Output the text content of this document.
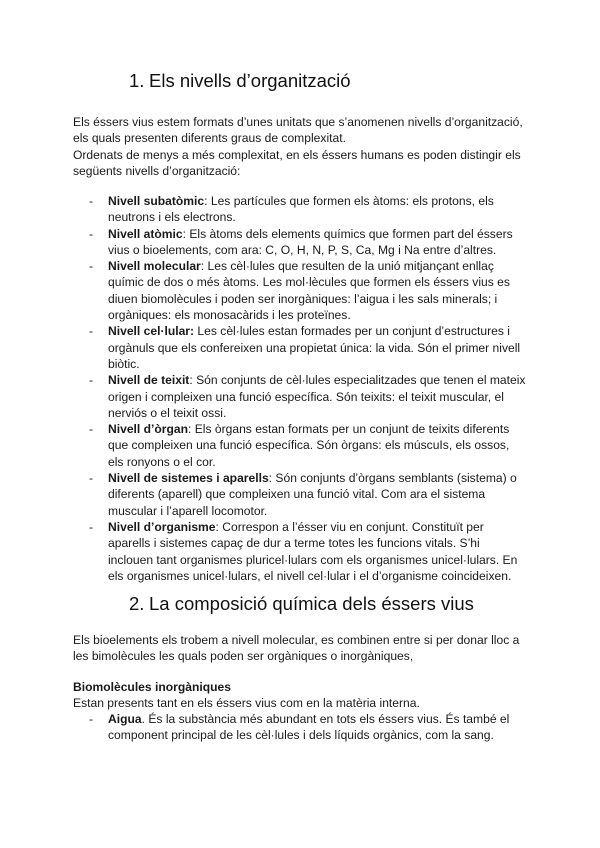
1. Els nivells d’organització

Els éssers vius estem formats d’unes unitats que s’anomenen nivells d’organització,
els quals presenten diferents graus de complexitat.
Ordenats de menys a més complexitat, en els éssers humans es poden distingir els
següents nivells d’organització:

- Nivell subatòmic: Les partícules que formen els àtoms: els protons, els
neutrons i els electrons.
- Nivell atòmic: Els àtoms dels elements químics que formen part del éssers
vius o bioelements, com ara: C, O, H, N, P, S, Ca, Mg i Na entre d’altres.
- Nivell molecular: Les cèl·lules que resulten de la unió mitjançant enllaç
químic de dos o més àtoms. Les mol·lècules que formen els éssers vius es
diuen biomolècules i poden ser inorgàniques: l’aigua i les sals minerals; i
orgàniques: els monosacàrids i les proteïnes.
- Nivell cel·lular: Les cèl·lules estan formades per un conjunt d’estructures i
orgànuls que els confereixen una propietat única: la vida. Són el primer nivell
biòtic.
- Nivell de teixit: Són conjunts de cèl·lules especialitzades que tenen el mateix
origen i compleixen una funció específica. Són teixits: el teixit muscular, el
nerviós o el teixit ossi.
- Nivell d’òrgan: Els òrgans estan formats per un conjunt de teixits diferents
que compleixen una funció específica. Són òrgans: els múscuIs, els ossos,
els ronyons o el cor.
- Nivell de sistemes i aparells: Són conjunts d’òrgans semblants (sistema) o
diferents (aparell) que compleixen una funció vital. Com ara el sistema
muscular i l’aparell locomotor.
- Nivell d’organisme: Correspon a l’ésser viu en conjunt. Constituït per
aparells i sistemes capaç de dur a terme totes les funcions vitals. S’hi
inclouen tant organismes pluricel·lulars com els organismes unicel·lulars. En
els organismes unicel·lulars, el nivell cel·lular i el d’organisme coincideixen.
2. La composició química dels éssers vius

Els bioelements els trobem a nivell molecular, es combinen entre si per donar lloc a
les bimolècules les quals poden ser orgàniques o inorgàniques,

Biomolècules inorgàniques

Estan presents tant en els éssers vius com en la matèria interna.

- Aigua. És la substància més abundant en tots els éssers vius. És també el
component principal de les cèl·lules i dels líquids orgànics, com la sang.
